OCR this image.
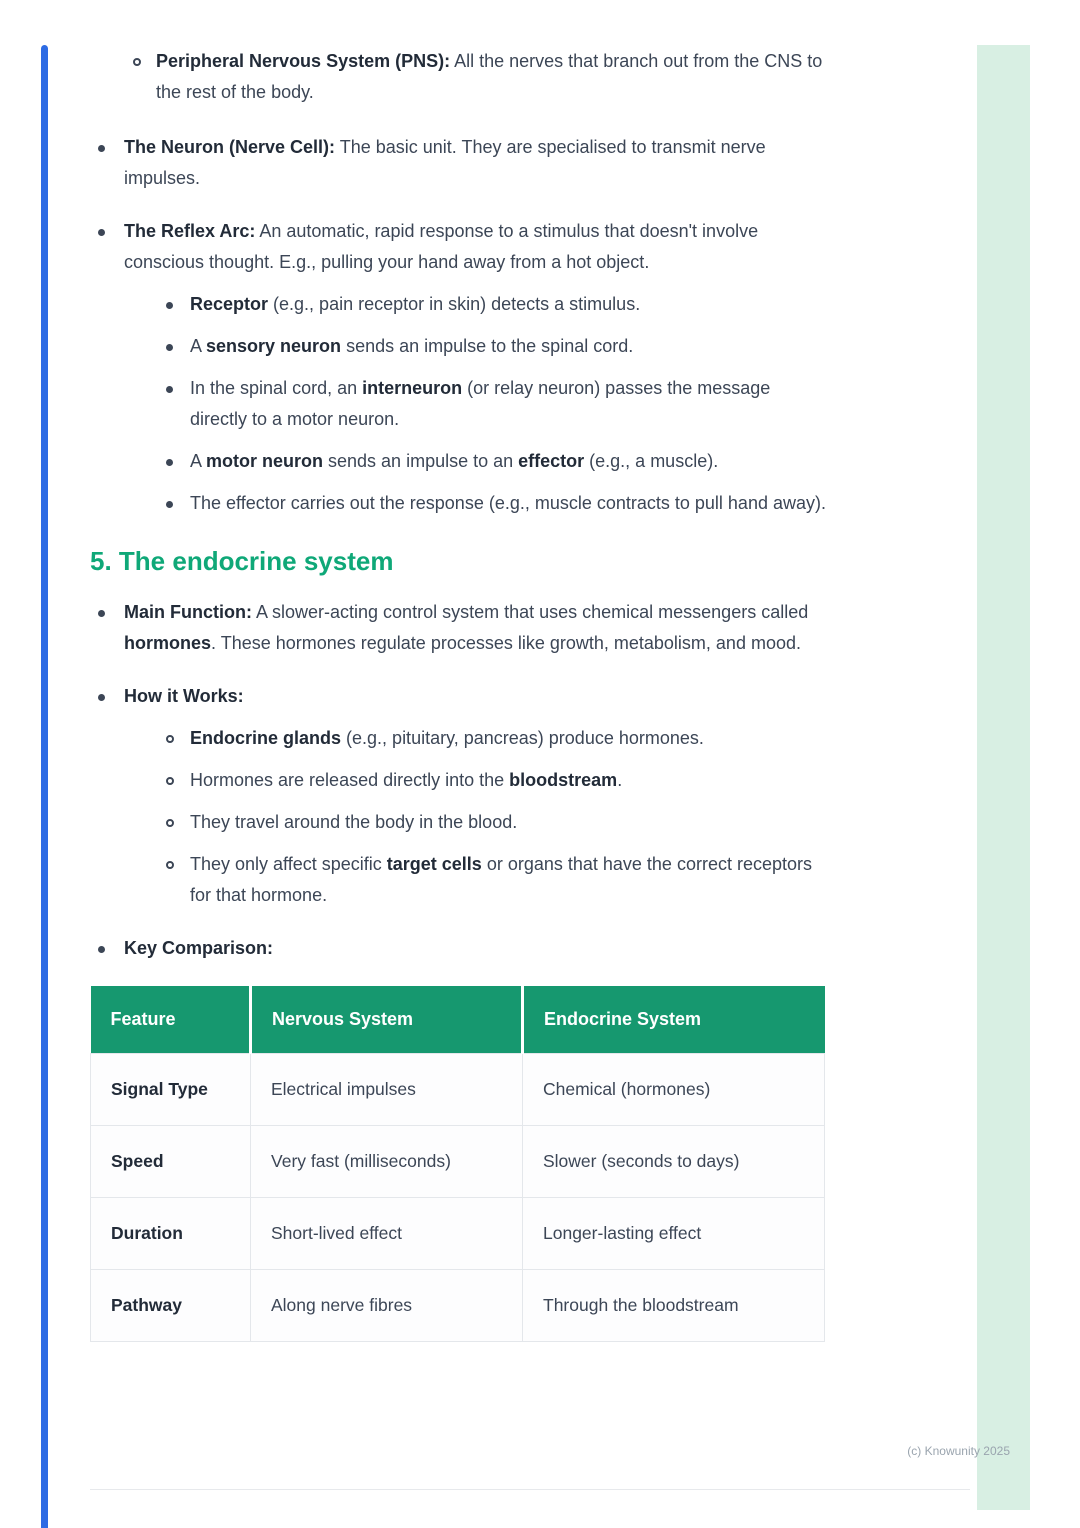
Peripheral Nervous System (PNS): All the nerves that branch out from the CNS to the rest of the body.
The Neuron (Nerve Cell): The basic unit. They are specialised to transmit nerve impulses.
The Reflex Arc: An automatic, rapid response to a stimulus that doesn't involve conscious thought. E.g., pulling your hand away from a hot object.
Receptor (e.g., pain receptor in skin) detects a stimulus.
A sensory neuron sends an impulse to the spinal cord.
In the spinal cord, an interneuron (or relay neuron) passes the message directly to a motor neuron.
A motor neuron sends an impulse to an effector (e.g., a muscle).
The effector carries out the response (e.g., muscle contracts to pull hand away).
5. The endocrine system
Main Function: A slower-acting control system that uses chemical messengers called hormones. These hormones regulate processes like growth, metabolism, and mood.
How it Works:
Endocrine glands (e.g., pituitary, pancreas) produce hormones.
Hormones are released directly into the bloodstream.
They travel around the body in the blood.
They only affect specific target cells or organs that have the correct receptors for that hormone.
Key Comparison:
Feature	Nervous System	Endocrine System
Signal Type	Electrical impulses	Chemical (hormones)
Speed	Very fast (milliseconds)	Slower (seconds to days)
Duration	Short-lived effect	Longer-lasting effect
Pathway	Along nerve fibres	Through the bloodstream
(c) Knowunity 2025
